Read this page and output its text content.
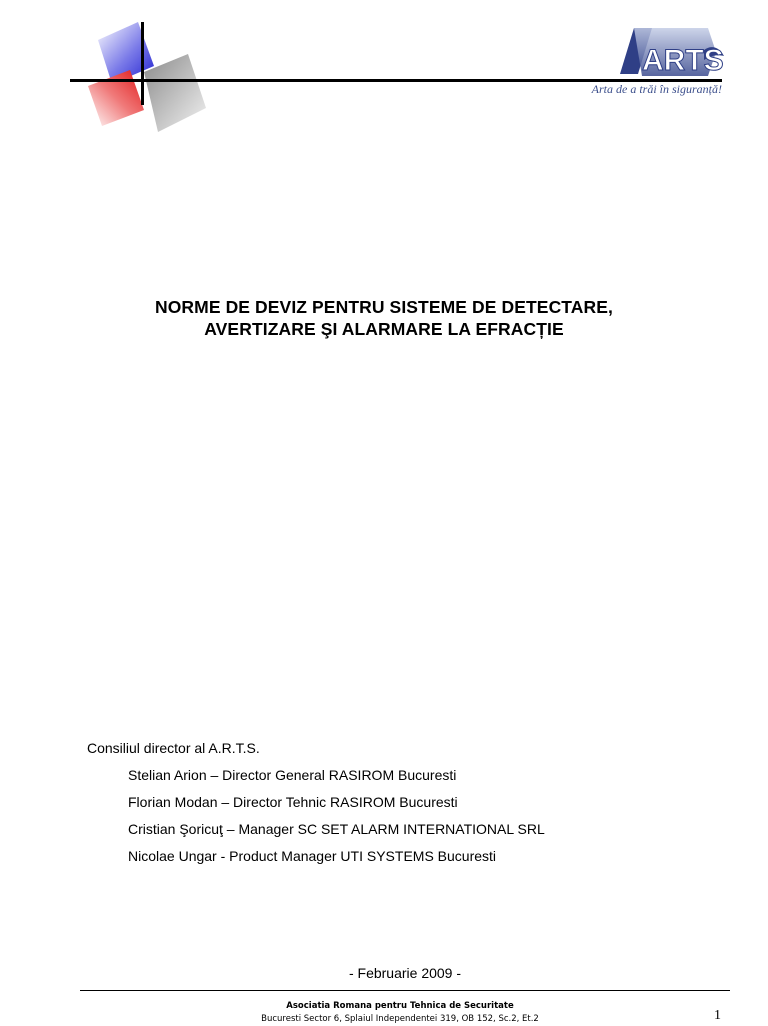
ARTS
Arta de a trăi în siguranță!
NORME DE DEVIZ PENTRU SISTEME DE DETECTARE,
AVERTIZARE ŞI ALARMARE LA EFRACȚIE
Consiliul director al A.R.T.S.
Stelian Arion – Director General RASIROM Bucuresti
Florian Modan – Director Tehnic RASIROM Bucuresti
Cristian Şoricuţ – Manager SC SET ALARM INTERNATIONAL SRL
Nicolae Ungar - Product Manager UTI SYSTEMS Bucuresti
- Februarie 2009 -
Asociatia Romana pentru Tehnica de Securitate
Bucuresti Sector 6, Splaiul Independentei 319, OB 152, Sc.2, Et.2	1
